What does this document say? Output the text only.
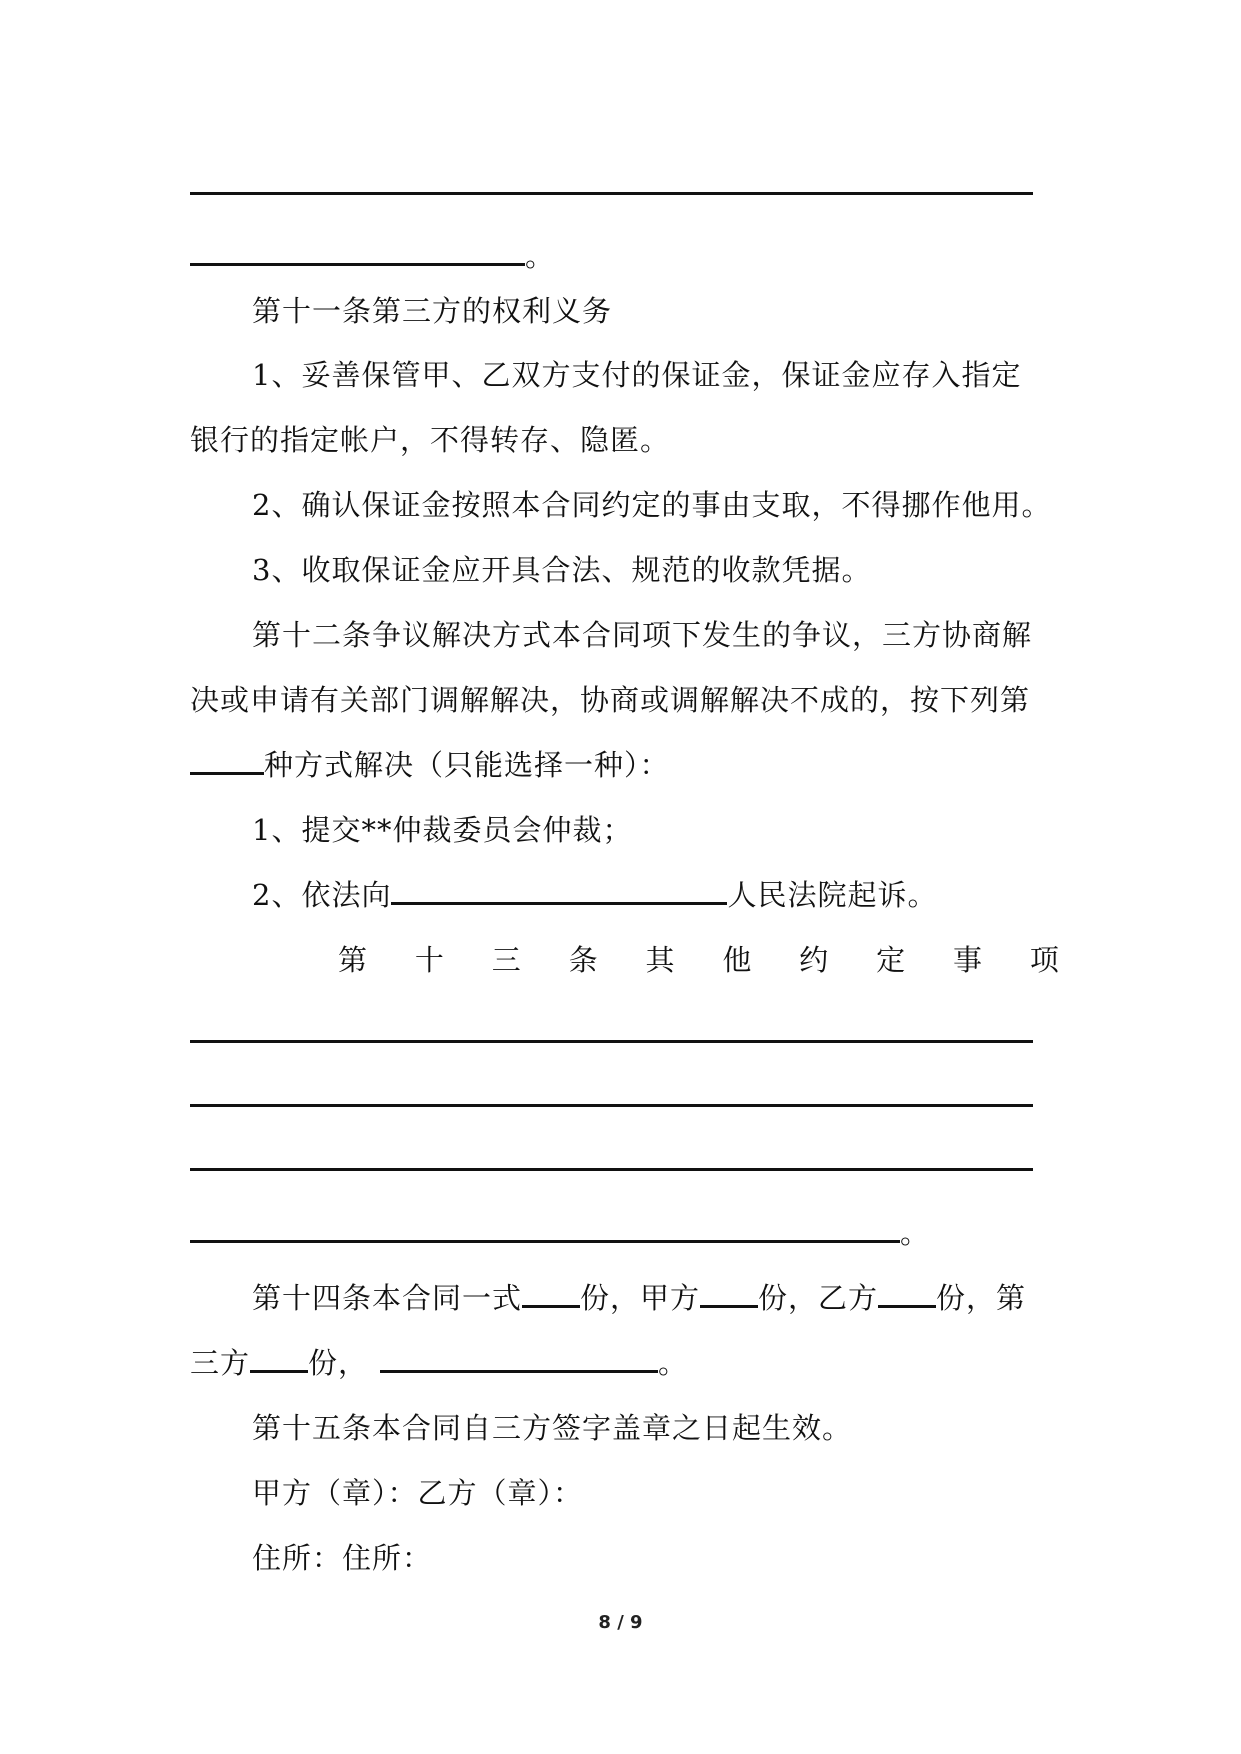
。
第十一条第三方的权利义务
1、妥善保管甲、乙双方支付的保证金，保证金应存入指定
银行的指定帐户，不得转存、隐匿。
2、确认保证金按照本合同约定的事由支取，不得挪作他用。
3、收取保证金应开具合法、规范的收款凭据。
第十二条争议解决方式本合同项下发生的争议，三方协商解
决或申请有关部门调解解决，协商或调解解决不成的，按下列第
种方式解决（只能选择一种）：
1、提交**仲裁委员会仲裁；
2、依法向	人民法院起诉。
第 十 三 条 其 他 约 定 事 项
。
第十四条本合同一式 份，甲方 份，乙方 份，第
三方 份，	。
第十五条本合同自三方签字盖章之日起生效。
甲方（章）：乙方（章）：
住所：住所：
8 / 9
